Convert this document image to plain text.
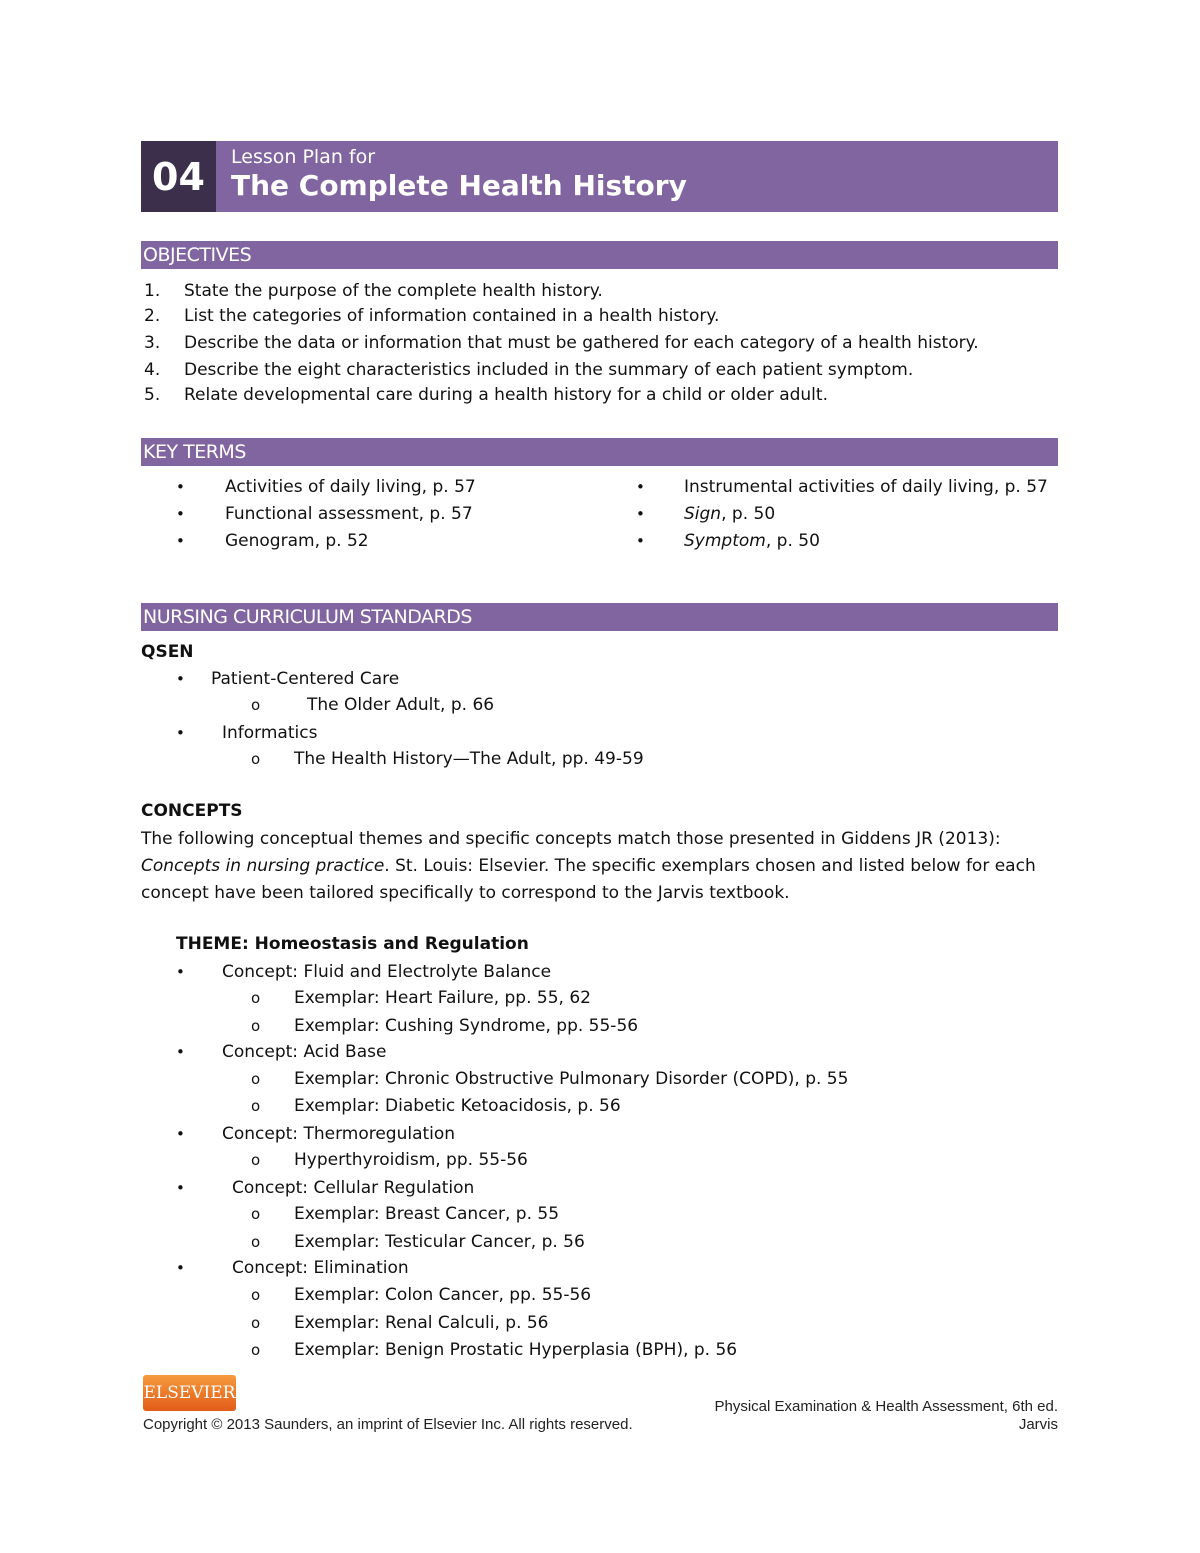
04	Lesson Plan for
The Complete Health History
OBJECTIVES
1. State the purpose of the complete health history.
2. List the categories of information contained in a health history.
3. Describe the data or information that must be gathered for each category of a health history.
4. Describe the eight characteristics included in the summary of each patient symptom.
5. Relate developmental care during a health history for a child or older adult.
KEY TERMS
• Activities of daily living, p. 57
• Functional assessment, p. 57
• Genogram, p. 52
• Instrumental activities of daily living, p. 57
• Sign, p. 50
• Symptom, p. 50
NURSING CURRICULUM STANDARDS
QSEN
• Patient-Centered Care
o	The Older Adult, p. 66
• Informatics
o The Health History—The Adult, pp. 49-59
CONCEPTS
The following conceptual themes and specific concepts match those presented in Giddens JR (2013):
Concepts in nursing practice. St. Louis: Elsevier. The specific exemplars chosen and listed below for each
concept have been tailored specifically to correspond to the Jarvis textbook.
THEME: Homeostasis and Regulation
• Concept: Fluid and Electrolyte Balance
o Exemplar: Heart Failure, pp. 55, 62
o Exemplar: Cushing Syndrome, pp. 55-56
• Concept: Acid Base
o Exemplar: Chronic Obstructive Pulmonary Disorder (COPD), p. 55
o Exemplar: Diabetic Ketoacidosis, p. 56
• Concept: Thermoregulation
o Hyperthyroidism, pp. 55-56
•	Concept: Cellular Regulation
o Exemplar: Breast Cancer, p. 55
o Exemplar: Testicular Cancer, p. 56
•	Concept: Elimination
o Exemplar: Colon Cancer, pp. 55-56
o Exemplar: Renal Calculi, p. 56
o Exemplar: Benign Prostatic Hyperplasia (BPH), p. 56
ELSEVIER
Copyright © 2013 Saunders, an imprint of Elsevier Inc. All rights reserved.
Physical Examination & Health Assessment, 6th ed.
Jarvis
